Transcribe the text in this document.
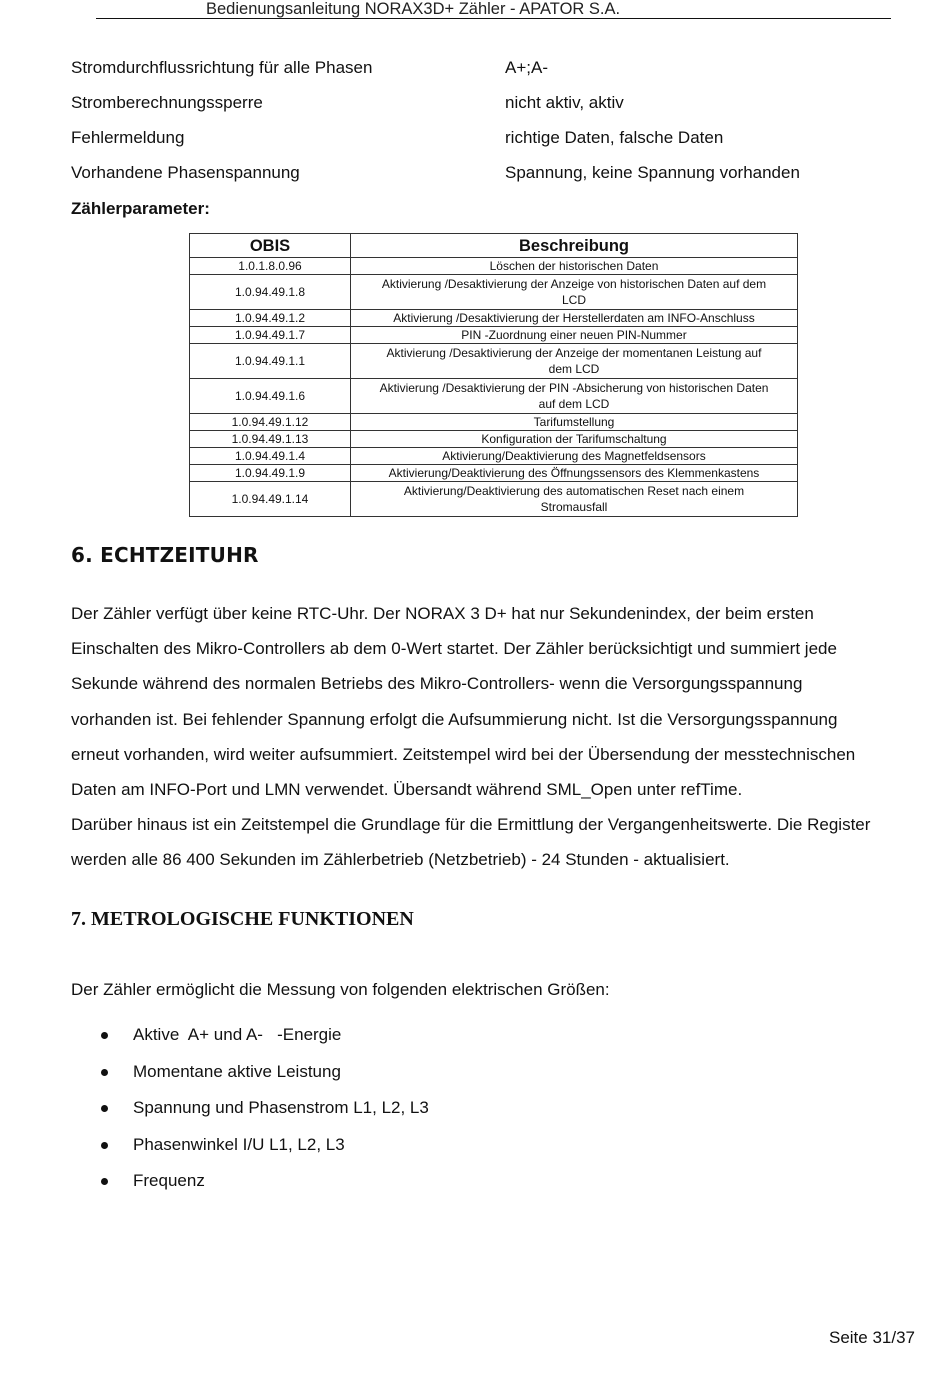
Bedienungsanleitung NORAX3D+ Zähler - APATOR S.A.
Stromdurchflussrichtung für alle Phasen	A+;A-
Stromberechnungssperre	nicht aktiv, aktiv
Fehlermeldung	richtige Daten, falsche Daten
Vorhandene Phasenspannung	Spannung, keine Spannung vorhanden
Zählerparameter:
OBIS	Beschreibung
1.0.1.8.0.96	Löschen der historischen Daten

1.0.94.49.1.8	Aktivierung /Desaktivierung der Anzeige von historischen Daten auf dem
LCD

1.0.94.49.1.2	Aktivierung /Desaktivierung der Herstellerdaten am INFO-Anschluss

1.0.94.49.1.7	PIN -Zuordnung einer neuen PIN-Nummer

1.0.94.49.1.1	Aktivierung /Desaktivierung der Anzeige der momentanen Leistung auf
dem LCD

1.0.94.49.1.6	Aktivierung /Desaktivierung der PIN -Absicherung von historischen Daten
auf dem LCD

1.0.94.49.1.12	Tarifumstellung

1.0.94.49.1.13	Konfiguration der Tarifumschaltung

1.0.94.49.1.4	Aktivierung/Deaktivierung des Magnetfeldsensors

1.0.94.49.1.9	Aktivierung/Deaktivierung des Öffnungssensors des Klemmenkastens

1.0.94.49.1.14	Aktivierung/Deaktivierung des automatischen Reset nach einem
Stromausfall
6. ECHTZEITUHR

Der Zähler verfügt über keine RTC-Uhr. Der NORAX 3 D+ hat nur Sekundenindex, der beim ersten

Einschalten des Mikro-Controllers ab dem 0-Wert startet. Der Zähler berücksichtigt und summiert jede

Sekunde während des normalen Betriebs des Mikro-Controllers- wenn die Versorgungsspannung

vorhanden ist. Bei fehlender Spannung erfolgt die Aufsummierung nicht. Ist die Versorgungsspannung

erneut vorhanden, wird weiter aufsummiert. Zeitstempel wird bei der Übersendung der messtechnischen

Daten am INFO-Port und LMN verwendet. Übersandt während SML_Open unter refTime.

Darüber hinaus ist ein Zeitstempel die Grundlage für die Ermittlung der Vergangenheitswerte. Die Register

werden alle 86 400 Sekunden im Zählerbetrieb (Netzbetrieb) - 24 Stunden - aktualisiert.

7. METROLOGISCHE FUNKTIONEN

Der Zähler ermöglicht die Messung von folgenden elektrischen Größen:

Aktive  A+ und A-   -Energie
Momentane aktive Leistung
Spannung und Phasenstrom L1, L2, L3
Phasenwinkel I/U L1, L2, L3
Frequenz
Seite 31/37
